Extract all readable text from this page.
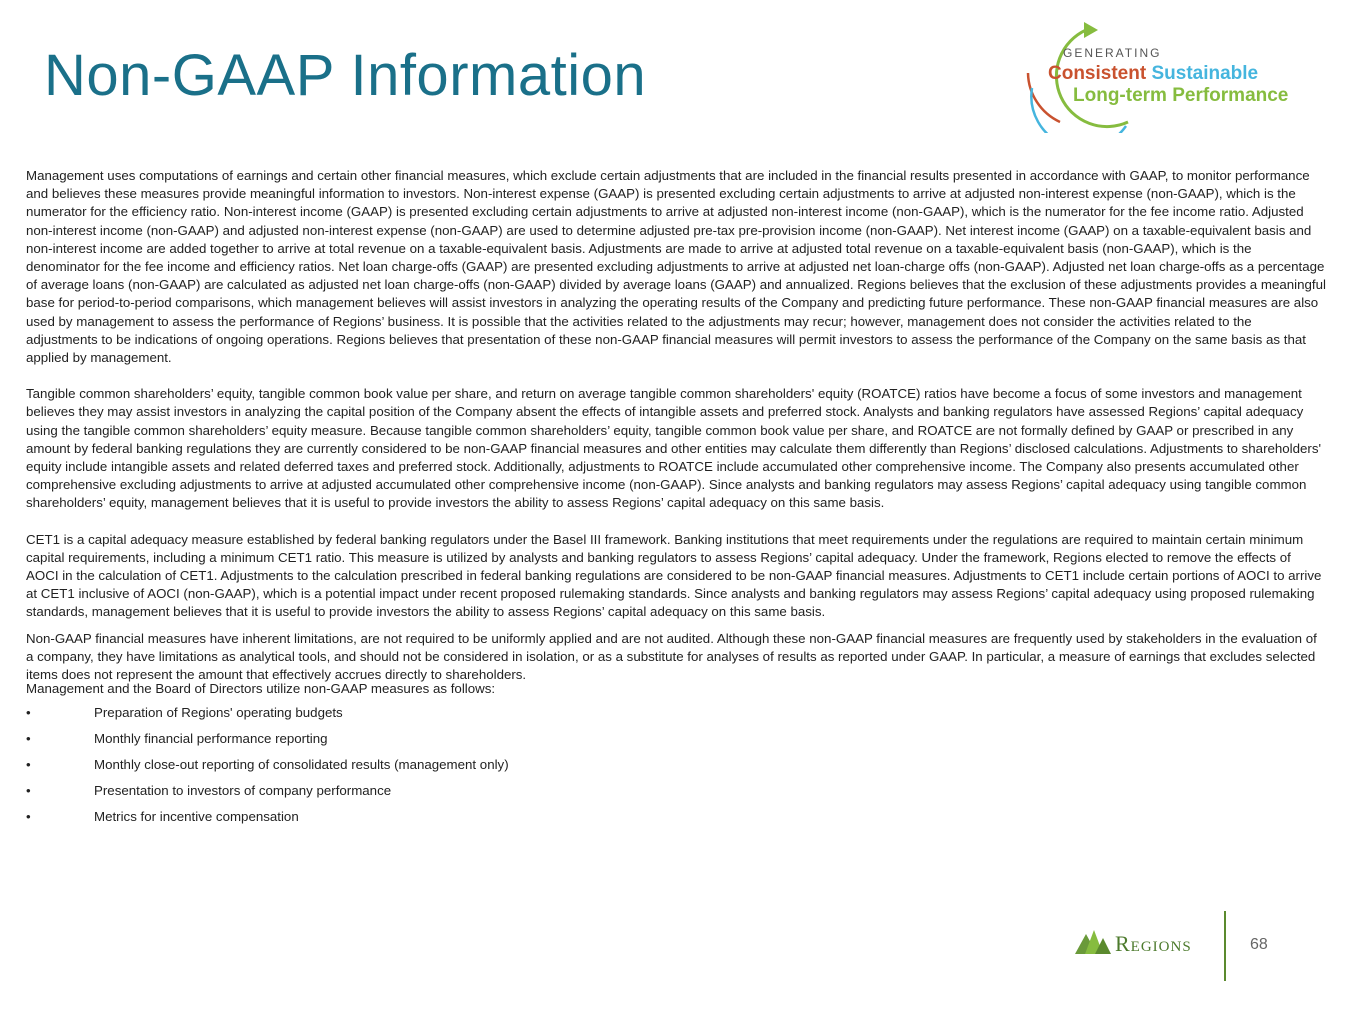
Non-GAAP Information	GENERATING
Consistent Sustainable
Long-term Performance

Management uses computations of earnings and certain other financial measures, which exclude certain adjustments that are included in the financial results presented in accordance with GAAP, to monitor performance and believes these measures provide meaningful information to investors. Non-interest expense (GAAP) is presented excluding certain adjustments to arrive at adjusted non-interest expense (non-GAAP), which is the numerator for the efficiency ratio. Non-interest income (GAAP) is presented excluding certain adjustments to arrive at adjusted non-interest income (non-GAAP), which is the numerator for the fee income ratio. Adjusted non-interest income (non-GAAP) and adjusted non-interest expense (non-GAAP) are used to determine adjusted pre-tax pre-provision income (non-GAAP). Net interest income (GAAP) on a taxable-equivalent basis and non-interest income are added together to arrive at total revenue on a taxable-equivalent basis. Adjustments are made to arrive at adjusted total revenue on a taxable-equivalent basis (non-GAAP), which is the denominator for the fee income and efficiency ratios. Net loan charge-offs (GAAP) are presented excluding adjustments to arrive at adjusted net loan-charge offs (non-GAAP). Adjusted net loan charge-offs as a percentage of average loans (non-GAAP) are calculated as adjusted net loan charge-offs (non-GAAP) divided by average loans (GAAP) and annualized. Regions believes that the exclusion of these adjustments provides a meaningful base for period-to-period comparisons, which management believes will assist investors in analyzing the operating results of the Company and predicting future performance. These non-GAAP financial measures are also used by management to assess the performance of Regions’ business. It is possible that the activities related to the adjustments may recur; however, management does not consider the activities related to the adjustments to be indications of ongoing operations. Regions believes that presentation of these non-GAAP financial measures will permit investors to assess the performance of the Company on the same basis as that applied by management.

Tangible common shareholders’ equity, tangible common book value per share, and return on average tangible common shareholders' equity (ROATCE) ratios have become a focus of some investors and management believes they may assist investors in analyzing the capital position of the Company absent the effects of intangible assets and preferred stock. Analysts and banking regulators have assessed Regions’ capital adequacy using the tangible common shareholders’ equity measure. Because tangible common shareholders’ equity, tangible common book value per share, and ROATCE are not formally defined by GAAP or prescribed in any amount by federal banking regulations they are currently considered to be non-GAAP financial measures and other entities may calculate them differently than Regions’ disclosed calculations. Adjustments to shareholders' equity include intangible assets and related deferred taxes and preferred stock. Additionally, adjustments to ROATCE include accumulated other comprehensive income. The Company also presents accumulated other comprehensive excluding adjustments to arrive at adjusted accumulated other comprehensive income (non-GAAP). Since analysts and banking regulators may assess Regions’ capital adequacy using tangible common shareholders’ equity, management believes that it is useful to provide investors the ability to assess Regions’ capital adequacy on this same basis.

CET1 is a capital adequacy measure established by federal banking regulators under the Basel III framework. Banking institutions that meet requirements under the regulations are required to maintain certain minimum capital requirements, including a minimum CET1 ratio. This measure is utilized by analysts and banking regulators to assess Regions’ capital adequacy. Under the framework, Regions elected to remove the effects of AOCI in the calculation of CET1. Adjustments to the calculation prescribed in federal banking regulations are considered to be non-GAAP financial measures. Adjustments to CET1 include certain portions of AOCI to arrive at CET1 inclusive of AOCI (non-GAAP), which is a potential impact under recent proposed rulemaking standards. Since analysts and banking regulators may assess Regions’ capital adequacy using proposed rulemaking standards, management believes that it is useful to provide investors the ability to assess Regions’ capital adequacy on this same basis.

Non-GAAP financial measures have inherent limitations, are not required to be uniformly applied and are not audited. Although these non-GAAP financial measures are frequently used by stakeholders in the evaluation of a company, they have limitations as analytical tools, and should not be considered in isolation, or as a substitute for analyses of results as reported under GAAP. In particular, a measure of earnings that excludes selected items does not represent the amount that effectively accrues directly to shareholders.

Management and the Board of Directors utilize non-GAAP measures as follows:

•	Preparation of Regions' operating budgets
•	Monthly financial performance reporting
•	Monthly close-out reporting of consolidated results (management only)
•	Presentation to investors of company performance
•	Metrics for incentive compensation
Regions	68
